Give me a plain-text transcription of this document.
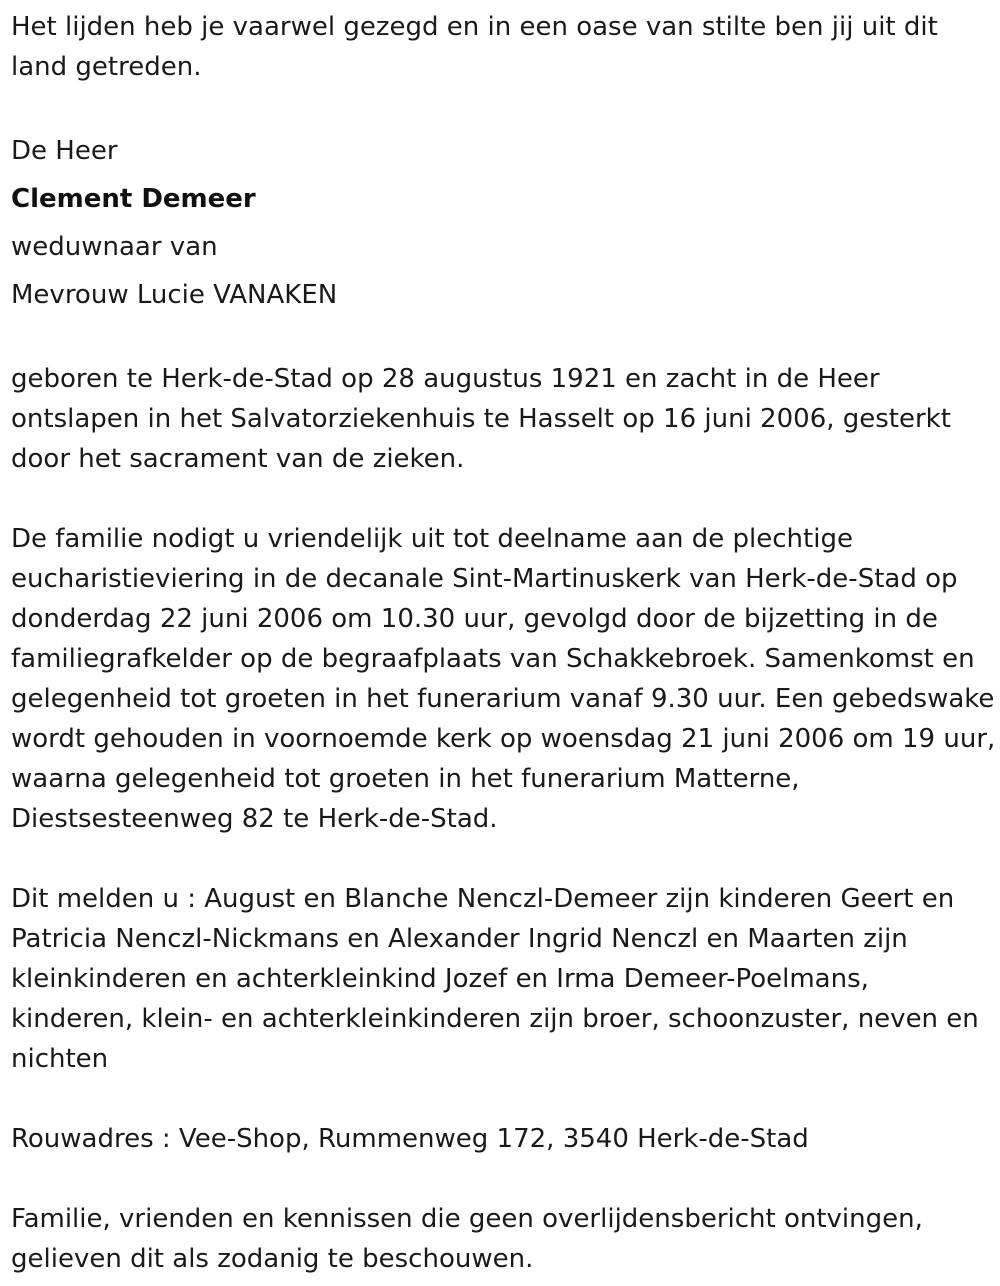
Het lijden heb je vaarwel gezegd en in een oase van stilte ben jij uit dit land getreden.

De Heer

Clement Demeer

weduwnaar van

Mevrouw Lucie VANAKEN

geboren te Herk-de-Stad op 28 augustus 1921 en zacht in de Heer ontslapen in het Salvatorziekenhuis te Hasselt op 16 juni 2006, gesterkt door het sacrament van de zieken.

De familie nodigt u vriendelijk uit tot deelname aan de plechtige eucharistieviering in de decanale Sint-Martinuskerk van Herk-de-Stad op donderdag 22 juni 2006 om 10.30 uur, gevolgd door de bijzetting in de familiegrafkelder op de begraafplaats van Schakkebroek. Samenkomst en gelegenheid tot groeten in het funerarium vanaf 9.30 uur. Een gebedswake wordt gehouden in voornoemde kerk op woensdag 21 juni 2006 om 19 uur, waarna gelegenheid tot groeten in het funerarium Matterne, Diestsesteenweg 82 te Herk-de-Stad.

Dit melden u : August en Blanche Nenczl-Demeer zijn kinderen Geert en Patricia Nenczl-Nickmans en Alexander Ingrid Nenczl en Maarten zijn kleinkinderen en achterkleinkind Jozef en Irma Demeer-Poelmans, kinderen, klein- en achterkleinkinderen zijn broer, schoonzuster, neven en nichten

Rouwadres : Vee-Shop, Rummenweg 172, 3540 Herk-de-Stad

Familie, vrienden en kennissen die geen overlijdensbericht ontvingen, gelieven dit als zodanig te beschouwen.
